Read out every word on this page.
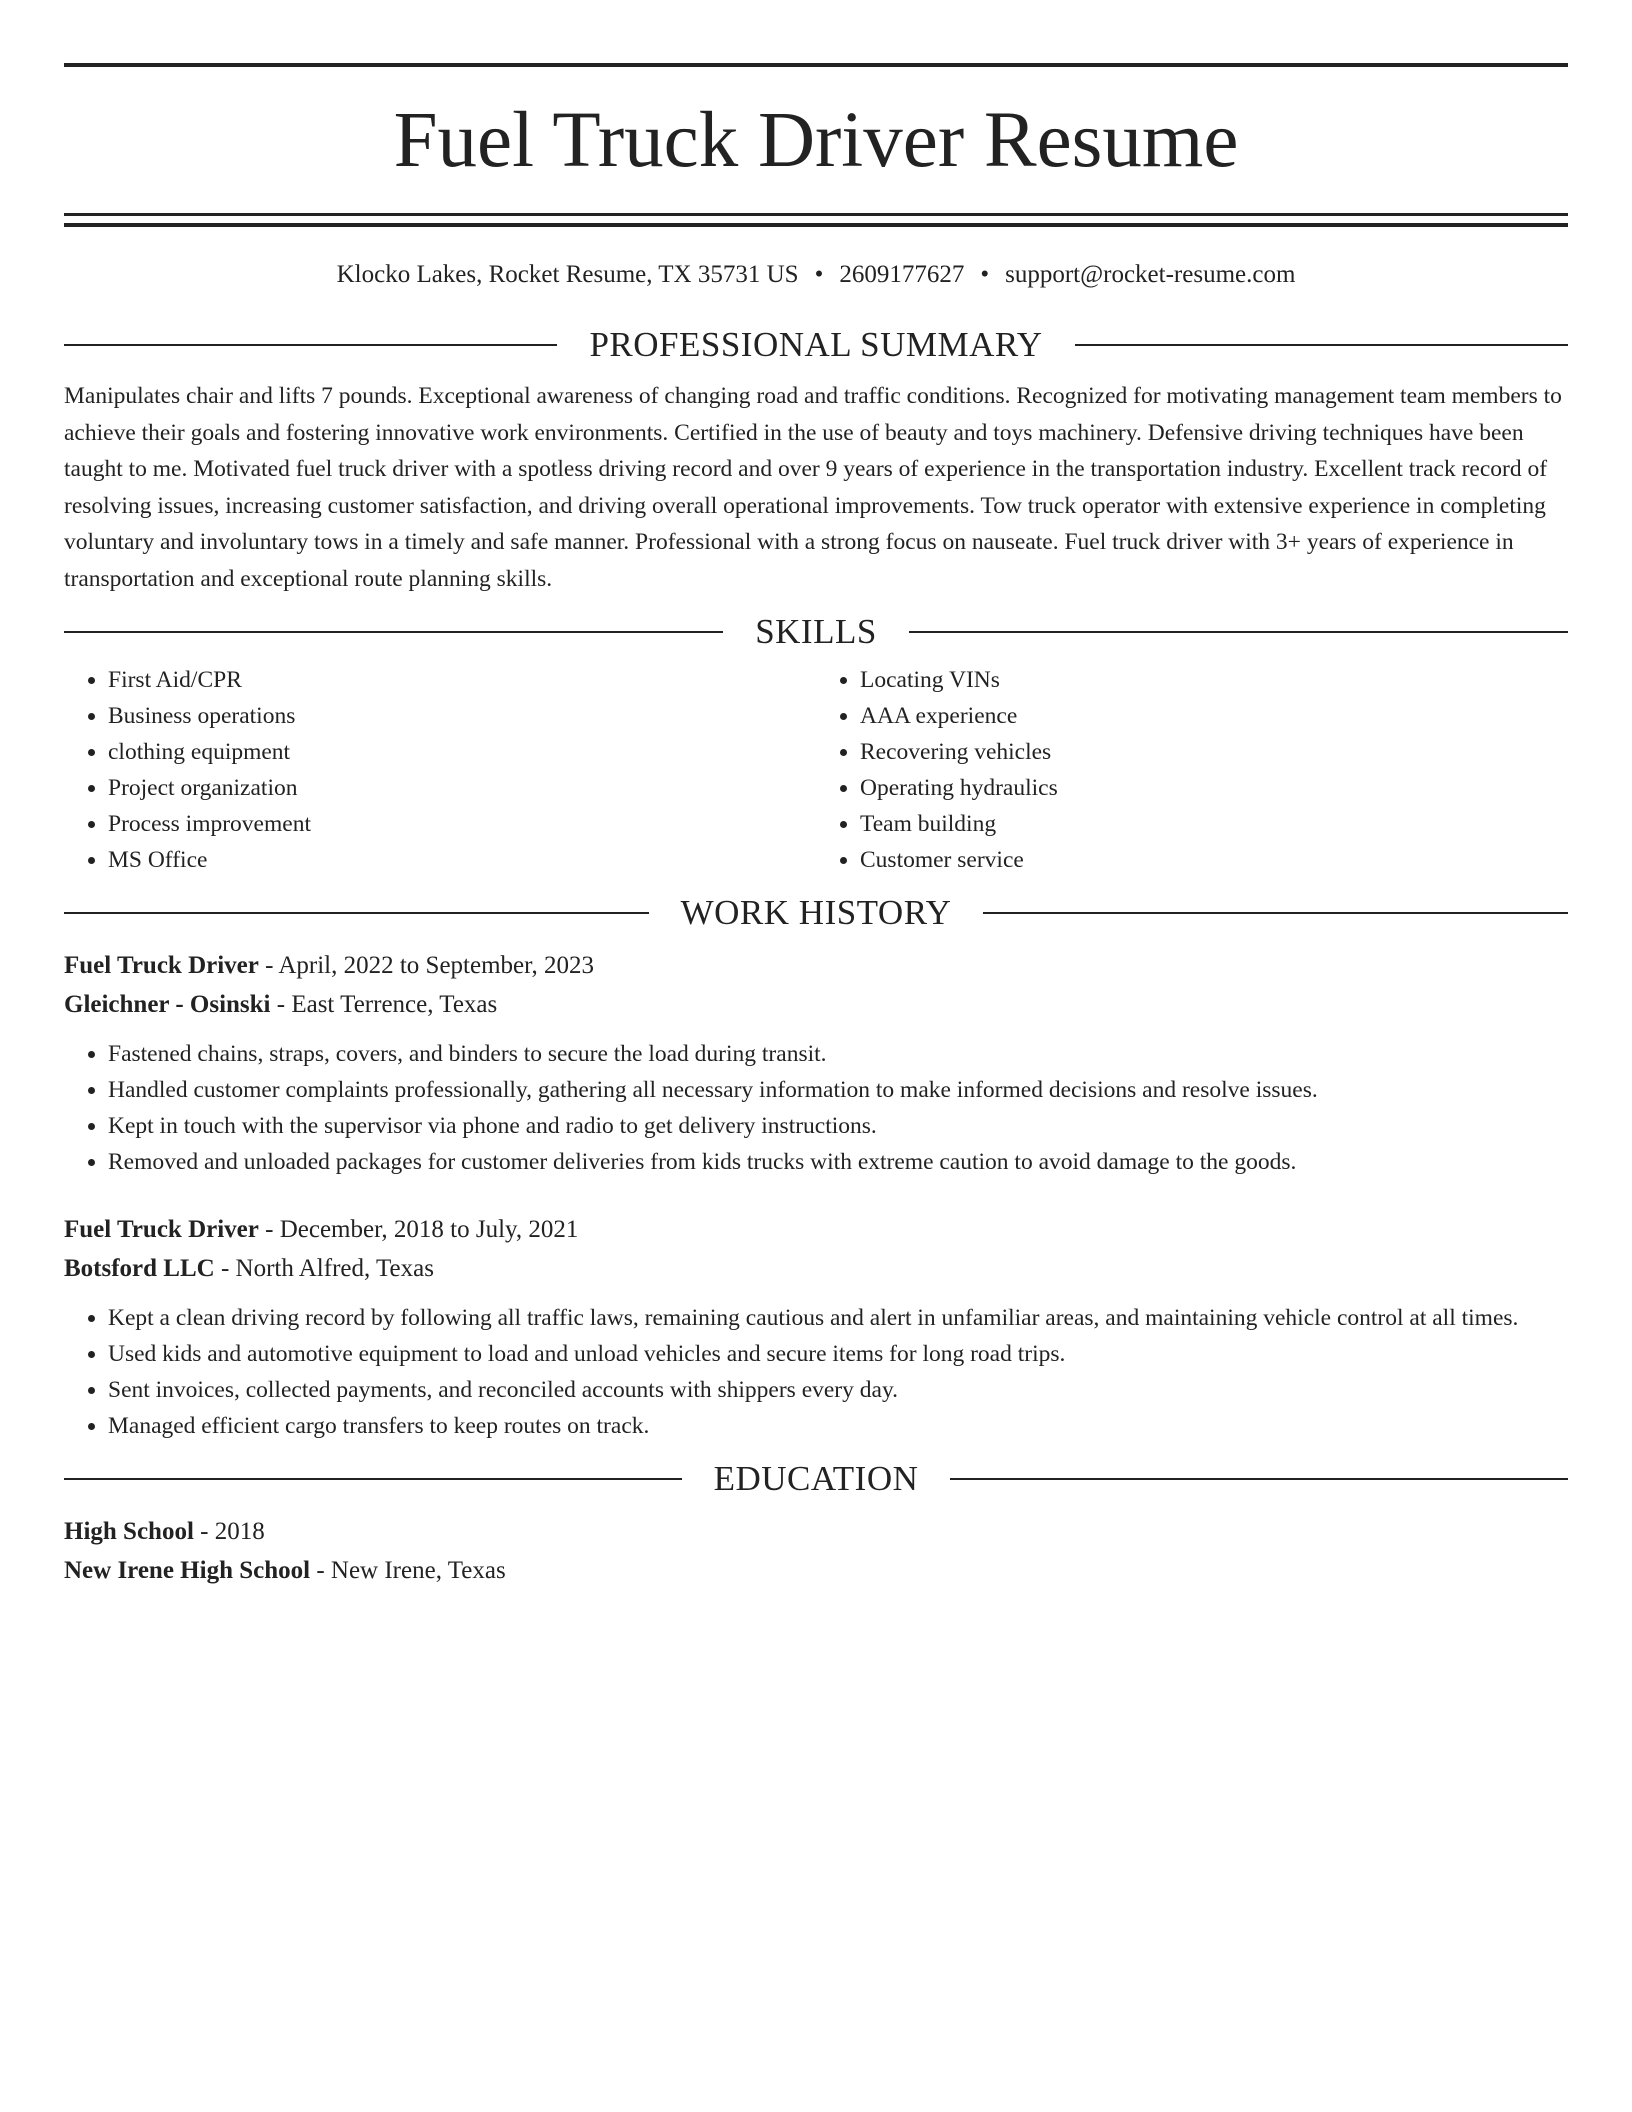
Fuel Truck Driver Resume
Klocko Lakes, Rocket Resume, TX 35731 US • 2609177627 • support@rocket-resume.com
PROFESSIONAL SUMMARY

Manipulates chair and lifts 7 pounds. Exceptional awareness of changing road and traffic conditions. Recognized for motivating management team members to achieve their goals and fostering innovative work environments. Certified in the use of beauty and toys machinery. Defensive driving techniques have been taught to me. Motivated fuel truck driver with a spotless driving record and over 9 years of experience in the transportation industry. Excellent track record of resolving issues, increasing customer satisfaction, and driving overall operational improvements. Tow truck operator with extensive experience in completing voluntary and involuntary tows in a timely and safe manner. Professional with a strong focus on nauseate. Fuel truck driver with 3+ years of experience in transportation and exceptional route planning skills.

SKILLS
• First Aid/CPR
• Business operations
• clothing equipment
• Project organization
• Process improvement
• MS Office
• Locating VINs
• AAA experience
• Recovering vehicles
• Operating hydraulics
• Team building
• Customer service
WORK HISTORY
Fuel Truck Driver - April, 2022 to September, 2023
Gleichner - Osinski - East Terrence, Texas
• Fastened chains, straps, covers, and binders to secure the load during transit.
• Handled customer complaints professionally, gathering all necessary information to make informed decisions and resolve issues.
• Kept in touch with the supervisor via phone and radio to get delivery instructions.
• Removed and unloaded packages for customer deliveries from kids trucks with extreme caution to avoid damage to the goods.
Fuel Truck Driver - December, 2018 to July, 2021
Botsford LLC - North Alfred, Texas
• Kept a clean driving record by following all traffic laws, remaining cautious and alert in unfamiliar areas, and maintaining vehicle control at all times.
• Used kids and automotive equipment to load and unload vehicles and secure items for long road trips.
• Sent invoices, collected payments, and reconciled accounts with shippers every day.
• Managed efficient cargo transfers to keep routes on track.
EDUCATION
High School - 2018
New Irene High School - New Irene, Texas
